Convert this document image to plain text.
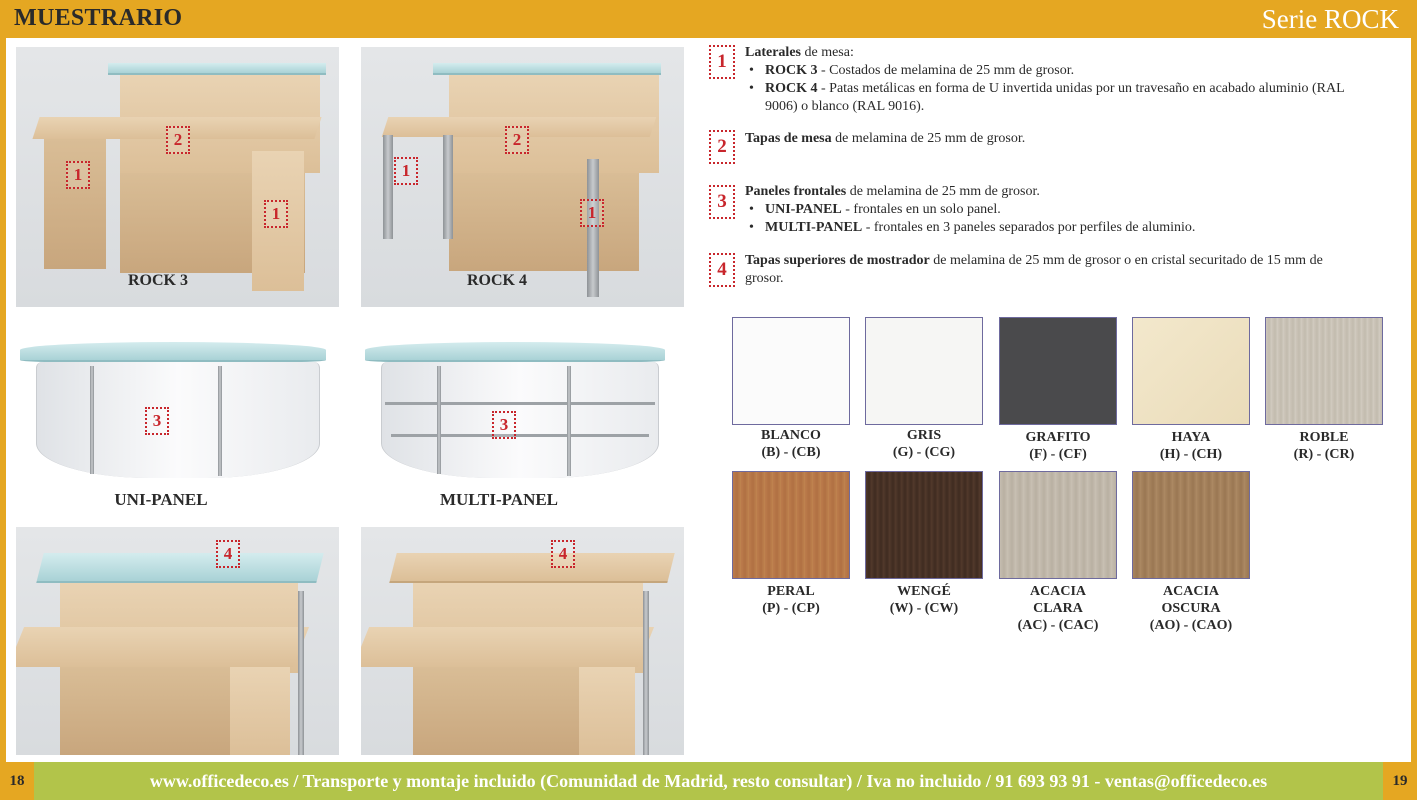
MUESTRARIO	Serie ROCK
2
1
1
ROCK 3
2
1
1
ROCK 4
3
UNI-PANEL
3
MULTI-PANEL
4	4
1	Laterales de mesa:
• ROCK 3 - Costados de melamina de 25 mm de grosor.
• ROCK 4 - Patas metálicas en forma de U invertida unidas por un travesaño en acabado aluminio (RAL 9006) o blanco (RAL 9016).
2	Tapas de mesa de melamina de 25 mm de grosor.
3	Paneles frontales de melamina de 25 mm de grosor.
• UNI-PANEL - frontales en un solo panel.
• MULTI-PANEL - frontales en 3 paneles separados por perfiles de aluminio.
4	Tapas superiores de mostrador de melamina de 25 mm de grosor o en cristal securitado de 15 mm de grosor.
BLANCO
(B) - (CB)
GRIS
(G) - (CG)
GRAFITO
(F) - (CF)
HAYA
(H) - (CH)
ROBLE
(R) - (CR)
PERAL
(P) - (CP)
WENGÉ
(W) - (CW)
ACACIA
CLARA
(AC) - (CAC)
ACACIA
OSCURA
(AO) - (CAO)
18	www.officedeco.es / Transporte y montaje incluido (Comunidad de Madrid, resto consultar) / Iva no incluido / 91 693 93 91 - ventas@officedeco.es	19
